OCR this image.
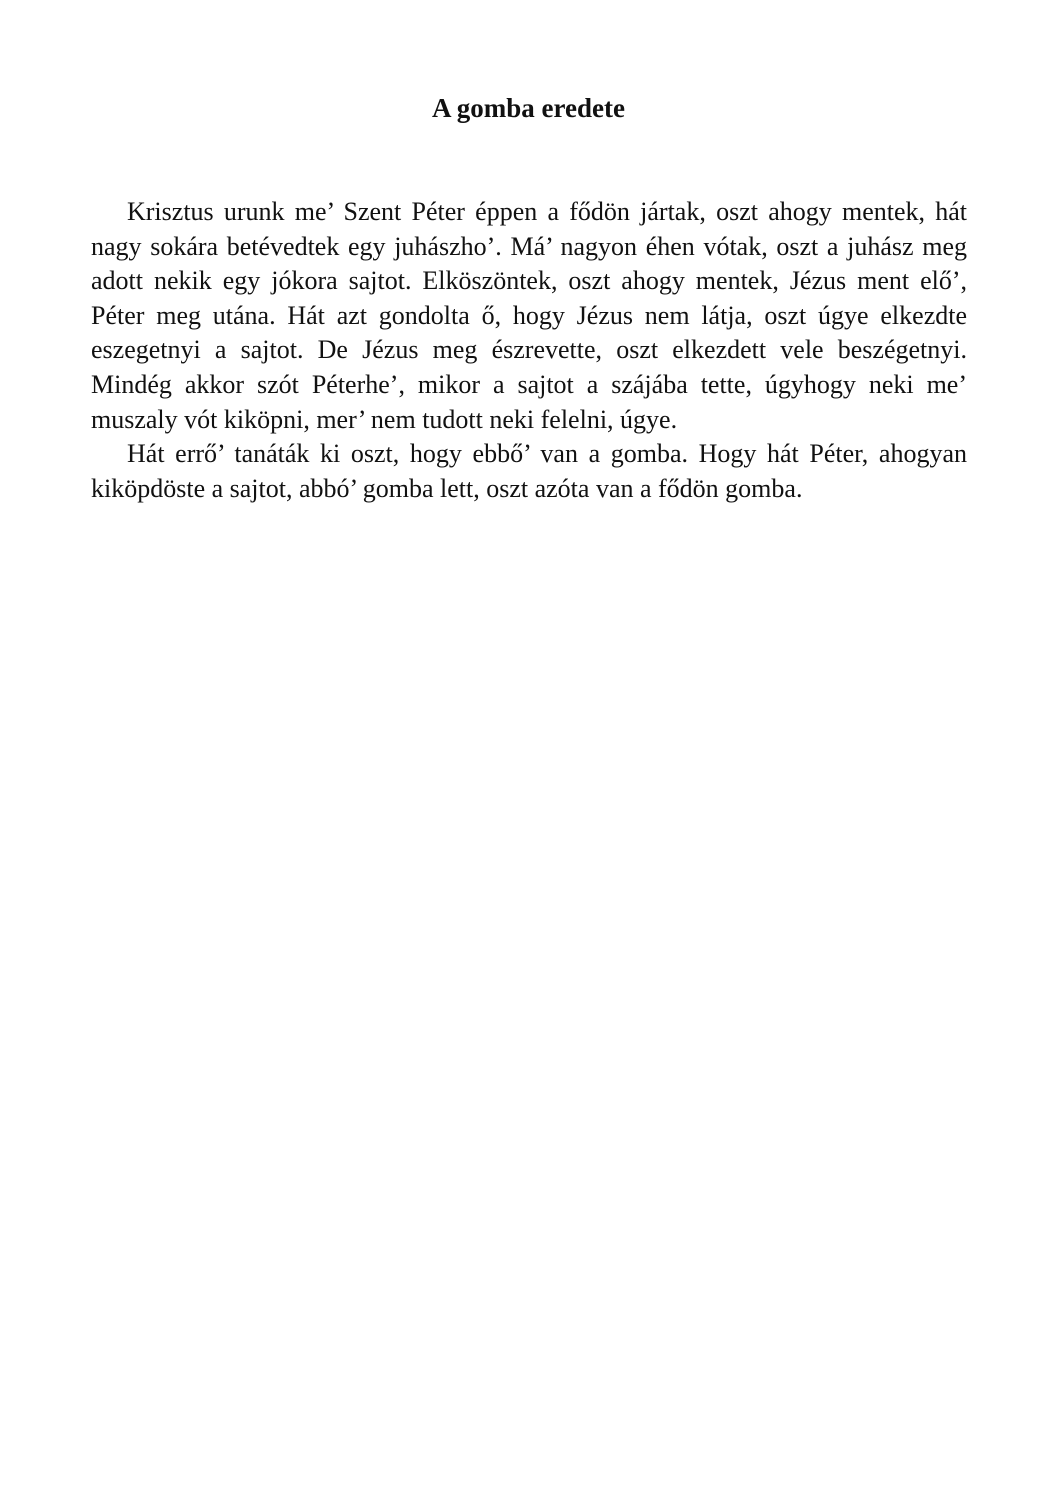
A gomba eredete

Krisztus urunk me’ Szent Péter éppen a fődön jártak, oszt ahogy mentek, hát nagy sokára betévedtek egy juhászho’. Má’ nagyon éhen vótak, oszt a juhász meg adott nekik egy jókora sajtot. Elköszöntek, oszt ahogy mentek, Jézus ment elő’, Péter meg utána. Hát azt gondolta ő, hogy Jézus nem látja, oszt úgye elkezdte eszegetnyi a sajtot. De Jézus meg észrevette, oszt elkezdett vele beszégetnyi. Mindég akkor szót Péterhe’, mikor a sajtot a szájába tette, úgyhogy neki me’ muszaly vót kiköpni, mer’ nem tudott neki felelni, úgye.

Hát errő’ tanáták ki oszt, hogy ebbő’ van a gomba. Hogy hát Péter, ahogyan kiköpdöste a sajtot, abbó’ gomba lett, oszt azóta van a fődön gomba.
